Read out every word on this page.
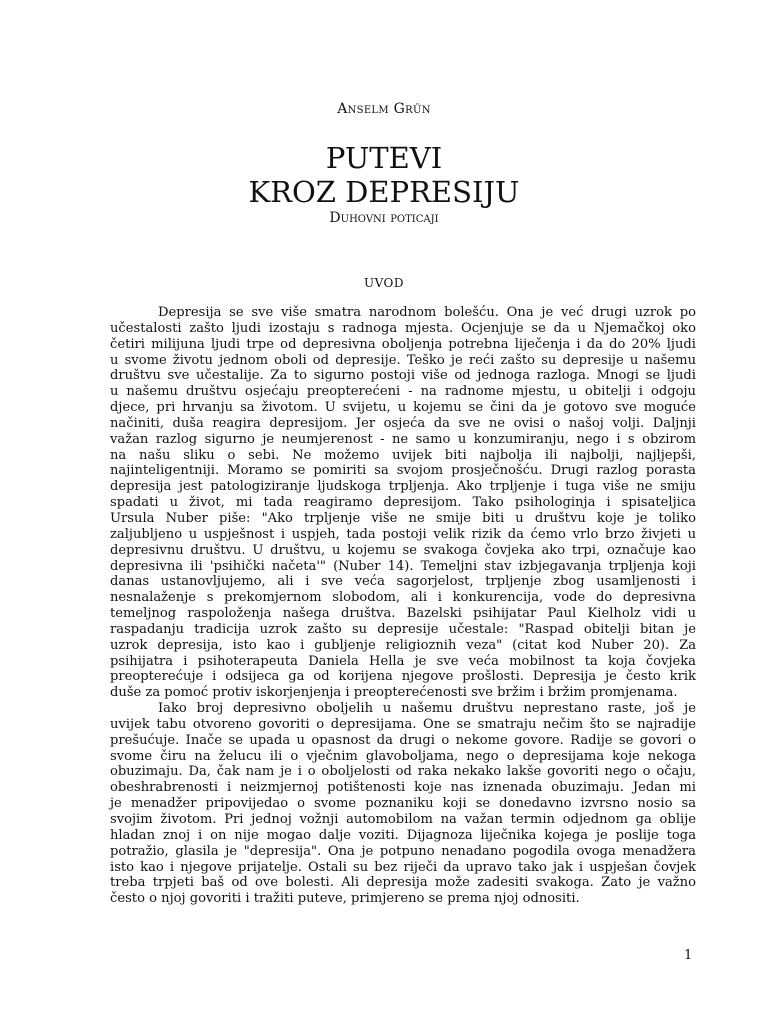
Anselm Grün
PUTEVI
KROZ DEPRESIJU
Duhovni poticaji
UVOD
Depresija se sve više smatra narodnom bolešću. Ona je već drugi uzrok po
učestalosti zašto ljudi izostaju s radnoga mjesta. Ocjenjuje se da u Njemačkoj oko
četiri milijuna ljudi trpe od depresivna oboljenja potrebna liječenja i da do 20% ljudi
u svome životu jednom oboli od depresije. Teško je reći zašto su depresije u našemu
društvu sve učestalije. Za to sigurno postoji više od jednoga razloga. Mnogi se ljudi
u našemu društvu osjećaju preopterećeni - na radnome mjestu, u obitelji i odgoju
djece, pri hrvanju sa životom. U svijetu, u kojemu se čini da je gotovo sve moguće
načiniti, duša reagira depresijom. Jer osjeća da sve ne ovisi o našoj volji. Daljnji
važan razlog sigurno je neumjerenost - ne samo u konzumiranju, nego i s obzirom
na našu sliku o sebi. Ne možemo uvijek biti najbolja ili najbolji, najljepši,
najinteligentniji. Moramo se pomiriti sa svojom prosječnošću. Drugi razlog porasta
depresija jest patologiziranje ljudskoga trpljenja. Ako trpljenje i tuga više ne smiju
spadati u život, mi tada reagiramo depresijom. Tako psihologinja i spisateljica
Ursula Nuber piše: "Ako trpljenje više ne smije biti u društvu koje je toliko
zaljubljeno u uspješnost i uspjeh, tada postoji velik rizik da ćemo vrlo brzo živjeti u
depresivnu društvu. U društvu, u kojemu se svakoga čovjeka ako trpi, označuje kao
depresivna ili 'psihički načeta'" (Nuber 14). Temeljni stav izbjegavanja trpljenja koji
danas ustanovljujemo, ali i sve veća sagorjelost, trpljenje zbog usamljenosti i
nesnalaženje s prekomjernom slobodom, ali i konkurencija, vode do depresivna
temeljnog raspoloženja našega društva. Bazelski psihijatar Paul Kielholz vidi u
raspadanju tradicija uzrok zašto su depresije učestale: "Raspad obitelji bitan je
uzrok depresija, isto kao i gubljenje religioznih veza" (citat kod Nuber 20). Za
psihijatra i psihoterapeuta Daniela Hella je sve veća mobilnost ta koja čovjeka
preopterećuje i odsijeca ga od korijena njegove prošlosti. Depresija je često krik
duše za pomoć protiv iskorjenjenja i preopterećenosti sve bržim i bržim promjenama.
Iako broj depresivno oboljelih u našemu društvu neprestano raste, još je
uvijek tabu otvoreno govoriti o depresijama. One se smatraju nečim što se najradije
prešućuje. Inače se upada u opasnost da drugi o nekome govore. Radije se govori o
svome čiru na želucu ili o vječnim glavoboljama, nego o depresijama koje nekoga
obuzimaju. Da, čak nam je i o oboljelosti od raka nekako lakše govoriti nego o očaju,
obeshrabrenosti i neizmjernoj potištenosti koje nas iznenada obuzimaju. Jedan mi
je menadžer pripovijedao o svome poznaniku koji se donedavno izvrsno nosio sa
svojim životom. Pri jednoj vožnji automobilom na važan termin odjednom ga oblije
hladan znoj i on nije mogao dalje voziti. Dijagnoza liječnika kojega je poslije toga
potražio, glasila je "depresija". Ona je potpuno nenadano pogodila ovoga menadžera
isto kao i njegove prijatelje. Ostali su bez riječi da upravo tako jak i uspješan čovjek
treba trpjeti baš od ove bolesti. Ali depresija može zadesiti svakoga. Zato je važno
često o njoj govoriti i tražiti puteve, primjereno se prema njoj odnositi.
1
